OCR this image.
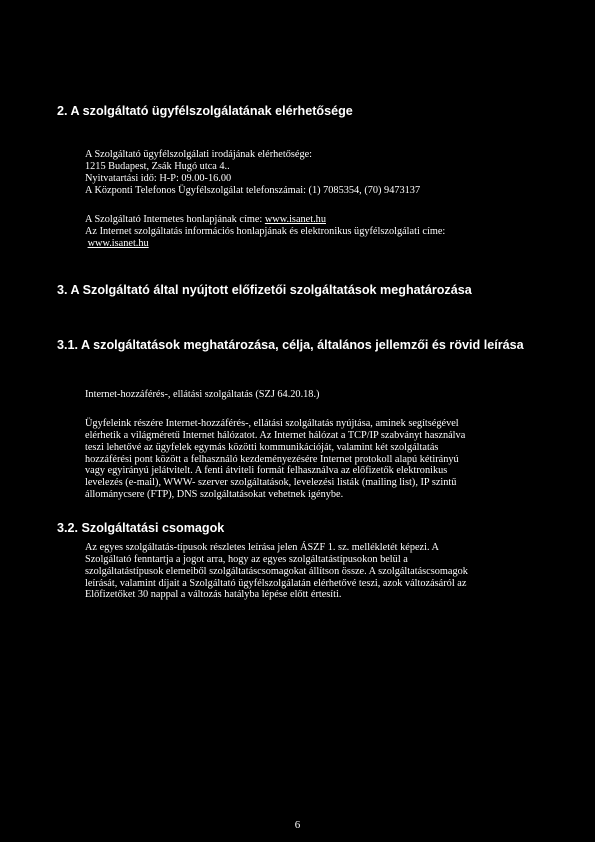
2. A szolgáltató ügyfélszolgálatának elérhetősége
A Szolgáltató ügyfélszolgálati irodájának elérhetősége:
1215 Budapest, Zsák Hugó utca 4..
Nyitvatartási idő: H-P: 09.00-16.00
A Központi Telefonos Ügyfélszolgálat telefonszámai: (1) 7085354, (70) 9473137
A Szolgáltató Internetes honlapjának címe: www.isanet.hu
Az Internet szolgáltatás információs honlapjának és elektronikus ügyfélszolgálati címe:
www.isanet.hu
3. A Szolgáltató által nyújtott előfizetői szolgáltatások meghatározása
3.1. A szolgáltatások meghatározása, célja, általános jellemzői és rövid leírása
Internet-hozzáférés-, ellátási szolgáltatás (SZJ 64.20.18.)
Ügyfeleink részére Internet-hozzáférés-, ellátási szolgáltatás nyújtása, aminek segítségével
elérhetik a világméretű Internet hálózatot. Az Internet hálózat a TCP/IP szabványt használva
teszi lehetővé az ügyfelek egymás közötti kommunikációját, valamint két szolgáltatás
hozzáférési pont között a felhasználó kezdeményezésére Internet protokoll alapú kétirányú
vagy egyirányú jelátvitelt. A fenti átviteli formát felhasználva az előfizetők elektronikus
levelezés (e-mail), WWW- szerver szolgáltatások, levelezési listák (mailing list), IP szintű
állománycsere (FTP), DNS szolgáltatásokat vehetnek igénybe.
3.2. Szolgáltatási csomagok
Az egyes szolgáltatás-típusok részletes leírása jelen ÁSZF 1. sz. mellékletét képezi. A
Szolgáltató fenntartja a jogot arra, hogy az egyes szolgáltatástípusokon belül a
szolgáltatástípusok elemeiből szolgáltatáscsomagokat állítson össze. A szolgáltatáscsomagok
leírását, valamint díjait a Szolgáltató ügyfélszolgálatán elérhetővé teszi, azok változásáról az
Előfizetőket 30 nappal a változás hatályba lépése előtt értesíti.
6
